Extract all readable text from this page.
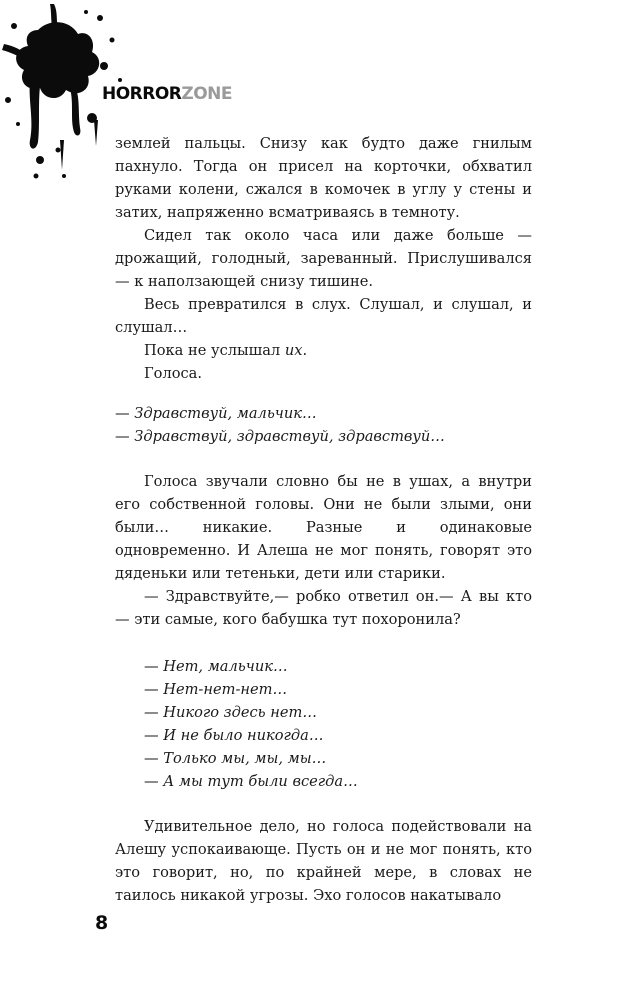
HORRORZONE

землей пальцы. Снизу как будто даже гнилым пахнуло. Тогда он присел на корточки, обхватил руками колени, сжался в комочек в углу у стены и затих, напряженно всматриваясь в темноту.

Сидел так около часа или даже больше — дрожащий, голодный, зареванный. Прислушивался — к наползающей снизу тишине.

Весь превратился в слух. Слушал, и слушал, и слушал…

Пока не услышал их.

Голоса.

— Здравствуй, мальчик…
— Здравствуй, здравствуй, здравствуй…

Голоса звучали словно бы не в ушах, а внутри его собственной головы. Они не были злыми, они были… никакие. Разные и одинаковые одновременно. И Алеша не мог понять, говорят это дяденьки или тетеньки, дети или старики.

— Здравствуйте,— робко ответил он.— А вы кто — эти самые, кого бабушка тут похоронила?

— Нет, мальчик…
— Нет-нет-нет…
— Никого здесь нет…
— И не было никогда…
— Только мы, мы, мы…
— А мы тут были всегда…

Удивительное дело, но голоса подействовали на Алешу успокаивающе. Пусть он и не мог понять, кто это говорит, но, по крайней мере, в словах не таилось никакой угрозы. Эхо голосов накатывало

8
